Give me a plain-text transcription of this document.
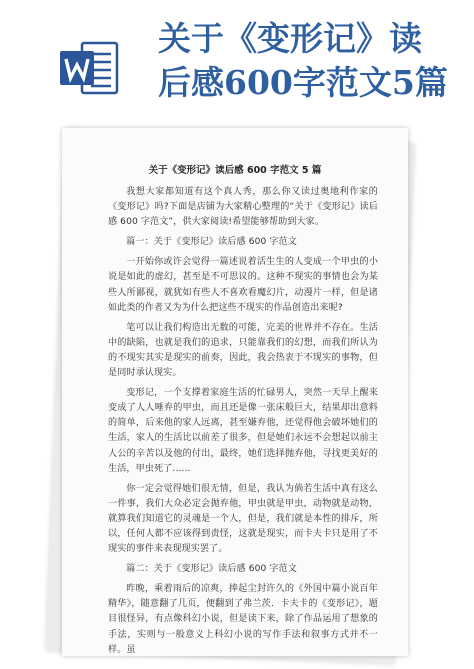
关于《变形记》读
后感600字范文5篇
关于《变形记》读后感 600 字范文 5 篇

我想大家都知道有这个真人秀，那么你又读过奥地利作家的《变形记》吗?下面是店铺为大家精心整理的“关于《变形记》读后感 600 字范文”，供大家阅读!希望能够帮助到大家。

篇一：关于《变形记》读后感 600 字范文

一开始你或许会觉得一篇述说着活生生的人变成一个甲虫的小说是如此的虚幻，甚至是不可思议的。这种不现实的事情也会为某些人所鄙视，就犹如有些人不喜欢看魔幻片，动漫片一样，但是诸如此类的作者又为为什么把这些不现实的作品创造出来呢?

笔可以让我们构造出无数的可能，完美的世界并不存在。生活中的缺陷，也就是我们的追求，只能靠我们的幻想，而我们所认为的不现实其实是现实的前奏，因此，我会热衷于不现实的事物，但是同时承认现实。

变形记，一个支撑着家庭生活的忙碌男人，突然一天早上醒来变成了人人唾弃的甲虫，而且还是像一张床般巨大，结果却出意料的简单，后来他的家人远离，甚至嫌弃他，还觉得他会破坏她们的生活，家人的生活比以前差了很多，但是她们永远不会想起以前主人公的辛苦以及他的付出，最终，她们选择抛弃他，寻找更美好的生活，甲虫死了……

你一定会觉得她们很无情，但是，我认为倘若生活中真有这么一件事，我们大众必定会抛弃他，甲虫就是甲虫，动物就是动物，就算我们知道它的灵魂是一个人，但是，我们就是本性的排斥，所以，任何人都不应该得到责怪，这就是现实，而卡夫卡只是用了不现实的事件来表现现实罢了。

篇二：关于《变形记》读后感 600 字范文

昨晚，乘着雨后的凉爽，捧起尘封许久的《外国中篇小说百年精华》，随意翻了几页，便翻到了弗兰茨．卡夫卡的《变形记》，题目很怪异，有点像科幻小说，但是读下来，除了作品运用了想象的手法，实则与一般意义上科幻小说的写作手法和叙事方式并不一样。虽
